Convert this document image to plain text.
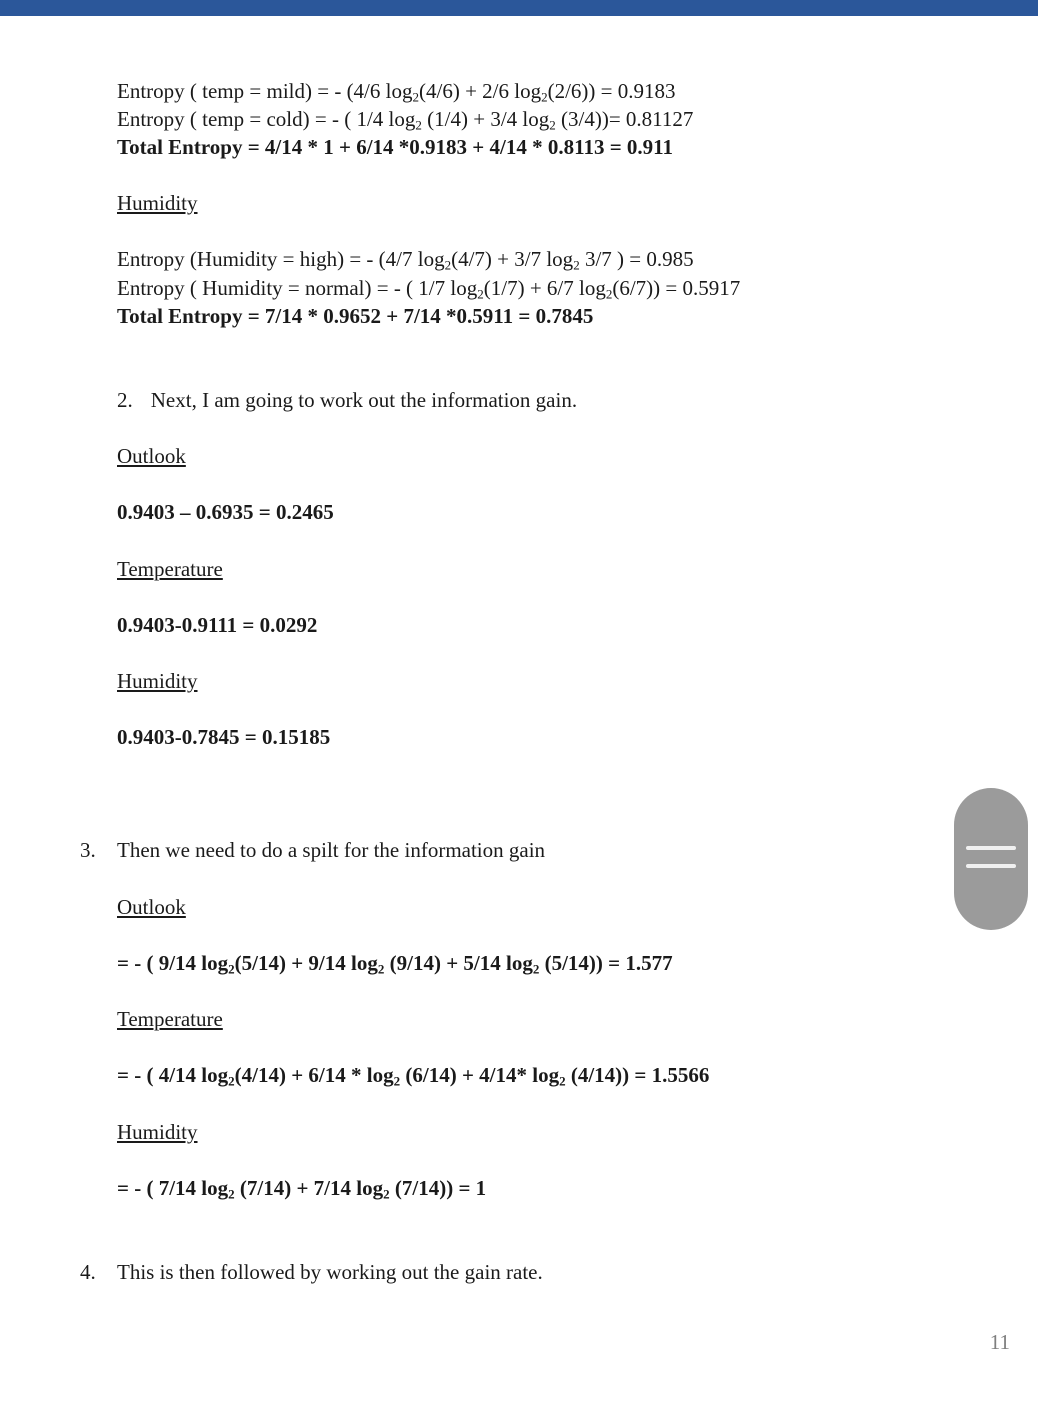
Entropy ( temp = mild) = - (4/6 $\log_2(4/6) + 2/6$ $\log_2(2/6)) = 0.9183$
Entropy ( temp = cold) = - ( 1/4 $\log_2 (1/4) + 3/4$ $\log_2 (3/4))= 0.81127$
Total Entropy = 4/14 * 1 + 6/14 *0.9183 + 4/14 * 0.8113 = 0.911
Humidity
Entropy (Humidity = high) = - (4/7 $\log_2(4/7) + 3/7$ $\log_2 3/7$ ) = 0.985
Entropy ( Humidity = normal) = - ( 1/7 $\log_2(1/7) + 6/7$ $\log_2(6/7)) = 0.5917$
Total Entropy = 7/14 * 0.9652 + 7/14 *0.5911 = 0.7845
2. Next, I am going to work out the information gain.
Outlook
0.9403 – 0.6935 = 0.2465
Temperature
0.9403-0.9111 = 0.0292
Humidity
0.9403-0.7845 = 0.15185
3. Then we need to do a spilt for the information gain
Outlook
= - ( 9/14 $\log_2(5/14) + 9/14$ $\log_2 (9/14) + 5/14$ $\log_2 (5/14)) = 1.577$
Temperature
= - ( 4/14 $\log_2(4/14) + 6/14 * \log_2 (6/14) + 4/14*$ $\log_2 (4/14)) = 1.5566$
Humidity
= - ( 7/14 $\log_2 (7/14) + 7/14$ $\log_2 (7/14)) = 1$
4. This is then followed by working out the gain rate.
11
